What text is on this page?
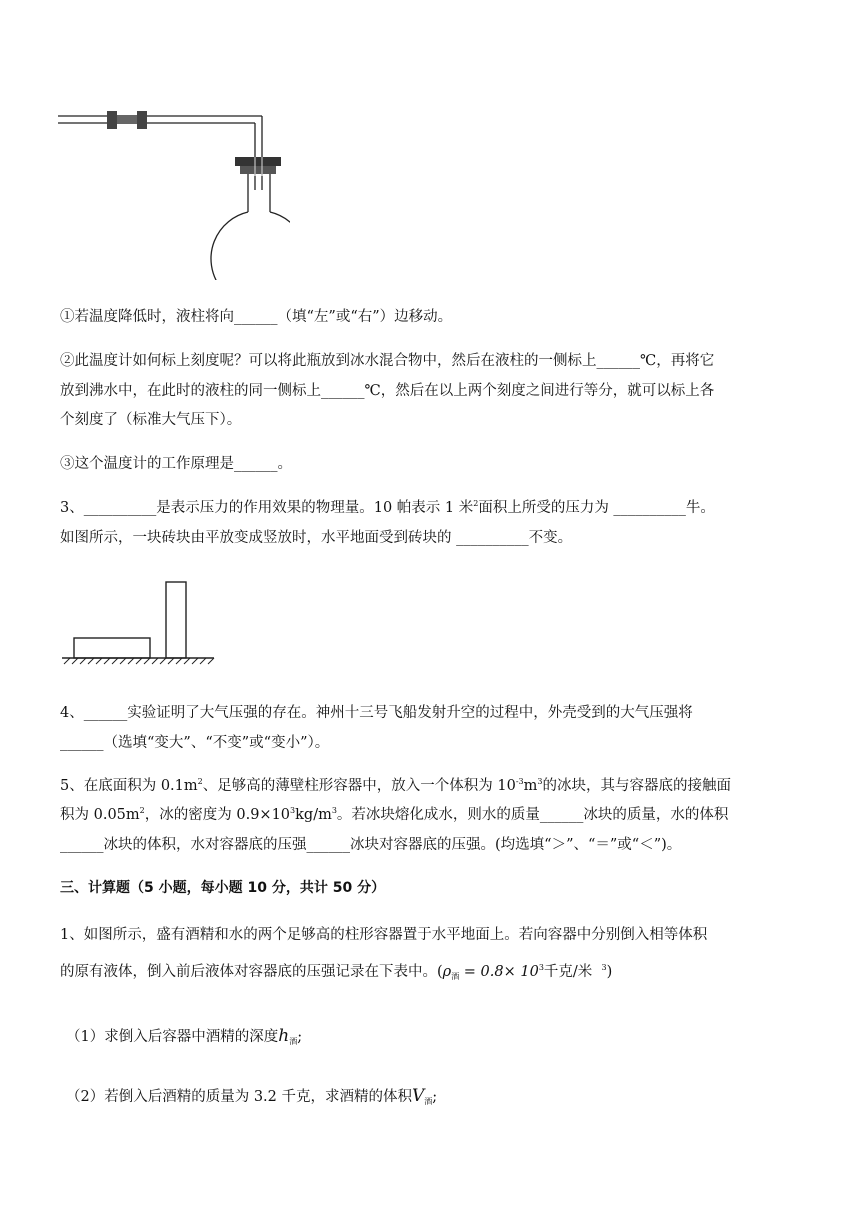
①若温度降低时，液柱将向______（填“左”或“右”）边移动。

②此温度计如何标上刻度呢？可以将此瓶放到冰水混合物中，然后在液柱的一侧标上______℃，再将它

放到沸水中，在此时的液柱的同一侧标上______℃，然后在以上两个刻度之间进行等分，就可以标上各

个刻度了（标准大气压下）。

③这个温度计的工作原理是______。

3、__________是表示压力的作用效果的物理量。10 帕表示 1 米$^2$面积上所受的压力为 __________牛。

如图所示，一块砖块由平放变成竖放时，水平地面受到砖块的 __________不变。

4、______实验证明了大气压强的存在。神州十三号飞船发射升空的过程中，外壳受到的大气压强将

______（选填“变大”、“不变”或“变小”）。

5、在底面积为 $0.1m^2$、足够高的薄壁柱形容器中，放入一个体积为 $10^{-3}m^3$的冰块，其与容器底的接触面

积为 $0.05m^2$，冰的密度为 $0.9\times 10^3kg/m^3$。若冰块熔化成水，则水的质量______冰块的质量，水的体积

______冰块的体积，水对容器底的压强______冰块对容器底的压强。(均选填“＞”、“＝”或“＜”)。

三、计算题（5 小题，每小题 10 分，共计 50 分）

1、如图所示，盛有酒精和水的两个足够高的柱形容器置于水平地面上。若向容器中分别倒入相等体积

的原有液体，倒入前后液体对容器底的压强记录在下表中。($\rho_酒 = 0.8\times 10^3$千克/米 $^3$)

（1）求倒入后容器中酒精的深度$h_酒$;

（2）若倒入后酒精的质量为 3.2 千克，求酒精的体积$V_酒$;
